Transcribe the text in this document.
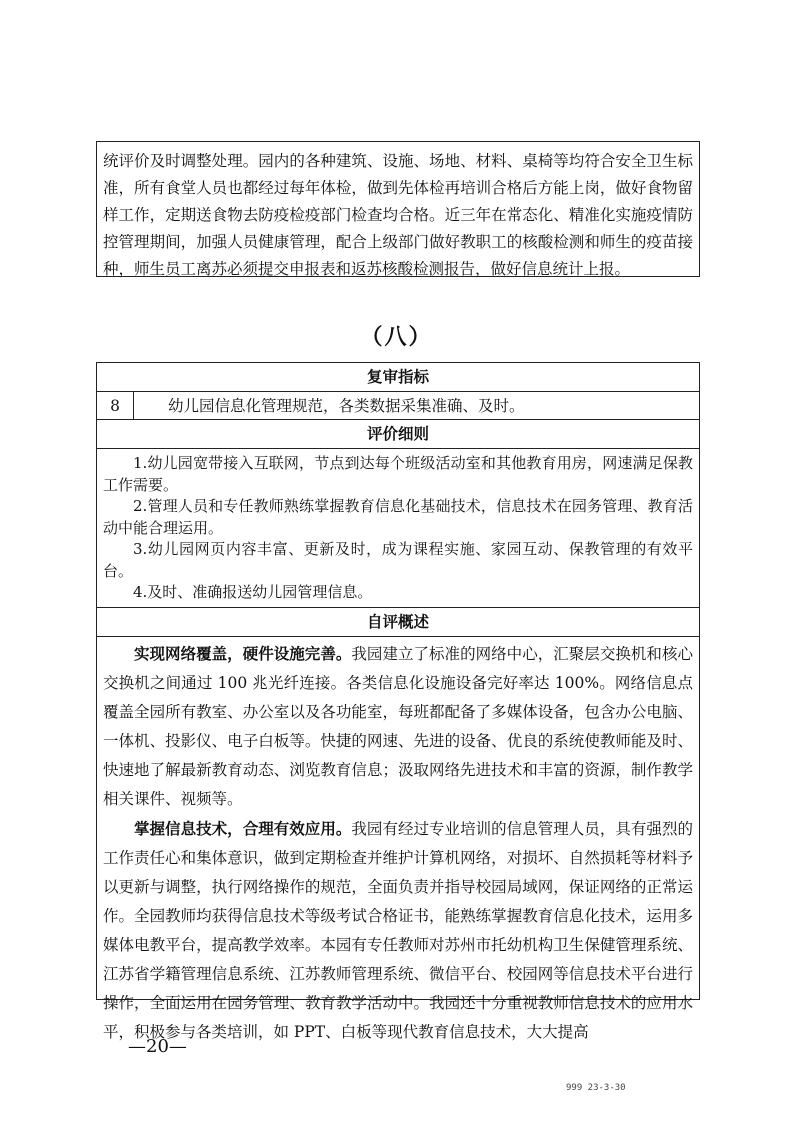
统评价及时调整处理。园内的各种建筑、设施、场地、材料、桌椅等均符合安全卫生标准，所有食堂人员也都经过每年体检，做到先体检再培训合格后方能上岗，做好食物留样工作，定期送食物去防疫检疫部门检查均合格。近三年在常态化、精准化实施疫情防控管理期间，加强人员健康管理，配合上级部门做好教职工的核酸检测和师生的疫苗接种，师生员工离苏必须提交申报表和返苏核酸检测报告，做好信息统计上报。

（八）
复审指标
8	幼儿园信息化管理规范，各类数据采集准确、及时。
评价细则

1.幼儿园宽带接入互联网，节点到达每个班级活动室和其他教育用房，网速满足保教工作需要。

2.管理人员和专任教师熟练掌握教育信息化基础技术，信息技术在园务管理、教育活动中能合理运用。

3.幼儿园网页内容丰富、更新及时，成为课程实施、家园互动、保教管理的有效平台。

4.及时、准确报送幼儿园管理信息。

自评概述

实现网络覆盖，硬件设施完善。我园建立了标准的网络中心，汇聚层交换机和核心交换机之间通过 100 兆光纤连接。各类信息化设施设备完好率达 100%。网络信息点覆盖全园所有教室、办公室以及各功能室，每班都配备了多媒体设备，包含办公电脑、一体机、投影仪、电子白板等。快捷的网速、先进的设备、优良的系统使教师能及时、快速地了解最新教育动态、浏览教育信息；汲取网络先进技术和丰富的资源，制作教学相关课件、视频等。

掌握信息技术，合理有效应用。我园有经过专业培训的信息管理人员，具有强烈的工作责任心和集体意识，做到定期检查并维护计算机网络，对损坏、自然损耗等材料予以更新与调整，执行网络操作的规范，全面负责并指导校园局域网，保证网络的正常运作。全园教师均获得信息技术等级考试合格证书，能熟练掌握教育信息化技术，运用多媒体电教平台，提高教学效率。本园有专任教师对苏州市托幼机构卫生保健管理系统、江苏省学籍管理信息系统、江苏教师管理系统、微信平台、校园网等信息技术平台进行操作，全面运用在园务管理、教育教学活动中。我园还十分重视教师信息技术的应用水平，积极参与各类培训，如 PPT、白板等现代教育信息技术，大大提高

—20—
999 23-3-30
